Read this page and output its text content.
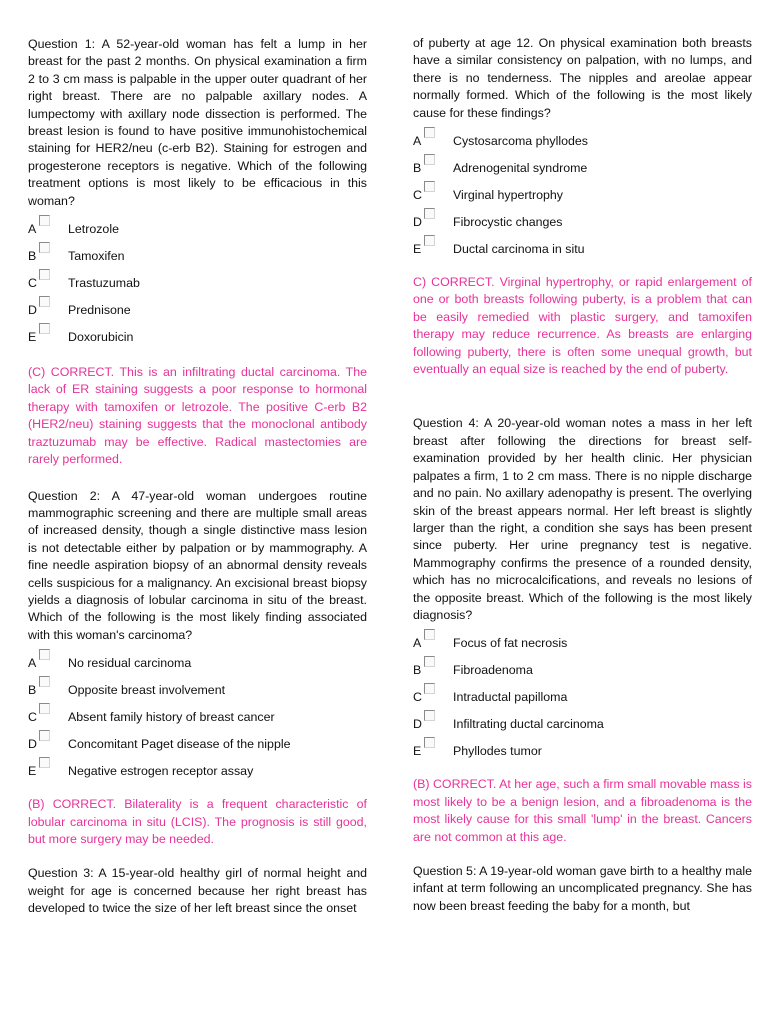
Question 1: A 52-year-old woman has felt a lump in her breast for the past 2 months. On physical examination a firm 2 to 3 cm mass is palpable in the upper outer quadrant of her right breast. There are no palpable axillary nodes. A lumpectomy with axillary node dissection is performed. The breast lesion is found to have positive immunohistochemical staining for HER2/neu (c-erb B2). Staining for estrogen and progesterone receptors is negative. Which of the following treatment options is most likely to be efficacious in this woman?

A	Letrozole
B	Tamoxifen
C	Trastuzumab
D	Prednisone
E	Doxorubicin

(C) CORRECT. This is an infiltrating ductal carcinoma. The lack of ER staining suggests a poor response to hormonal therapy with tamoxifen or letrozole. The positive C-erb B2 (HER2/neu) staining suggests that the monoclonal antibody traztuzumab may be effective. Radical mastectomies are rarely performed.

Question 2: A 47-year-old woman undergoes routine mammographic screening and there are multiple small areas of increased density, though a single distinctive mass lesion is not detectable either by palpation or by mammography. A fine needle aspiration biopsy of an abnormal density reveals cells suspicious for a malignancy. An excisional breast biopsy yields a diagnosis of lobular carcinoma in situ of the breast. Which of the following is the most likely finding associated with this woman's carcinoma?

A	No residual carcinoma
B	Opposite breast involvement
C	Absent family history of breast cancer
D	Concomitant Paget disease of the nipple
E	Negative estrogen receptor assay

(B) CORRECT. Bilaterality is a frequent characteristic of lobular carcinoma in situ (LCIS). The prognosis is still good, but more surgery may be needed.

Question 3: A 15-year-old healthy girl of normal height and weight for age is concerned because her right breast has developed to twice the size of her left breast since the onset

of puberty at age 12. On physical examination both breasts have a similar consistency on palpation, with no lumps, and there is no tenderness. The nipples and areolae appear normally formed. Which of the following is the most likely cause for these findings?

A	Cystosarcoma phyllodes
B	Adrenogenital syndrome
C	Virginal hypertrophy
D	Fibrocystic changes
E	Ductal carcinoma in situ

C) CORRECT. Virginal hypertrophy, or rapid enlargement of one or both breasts following puberty, is a problem that can be easily remedied with plastic surgery, and tamoxifen therapy may reduce recurrence. As breasts are enlarging following puberty, there is often some unequal growth, but eventually an equal size is reached by the end of puberty.

Question 4: A 20-year-old woman notes a mass in her left breast after following the directions for breast self-examination provided by her health clinic. Her physician palpates a firm, 1 to 2 cm mass. There is no nipple discharge and no pain. No axillary adenopathy is present. The overlying skin of the breast appears normal. Her left breast is slightly larger than the right, a condition she says has been present since puberty. Her urine pregnancy test is negative. Mammography confirms the presence of a rounded density, which has no microcalcifications, and reveals no lesions of the opposite breast. Which of the following is the most likely diagnosis?

A	Focus of fat necrosis
B	Fibroadenoma
C	Intraductal papilloma
D	Infiltrating ductal carcinoma
E	Phyllodes tumor

(B) CORRECT. At her age, such a firm small movable mass is most likely to be a benign lesion, and a fibroadenoma is the most likely cause for this small 'lump' in the breast. Cancers are not common at this age.

Question 5: A 19-year-old woman gave birth to a healthy male infant at term following an uncomplicated pregnancy. She has now been breast feeding the baby for a month, but
